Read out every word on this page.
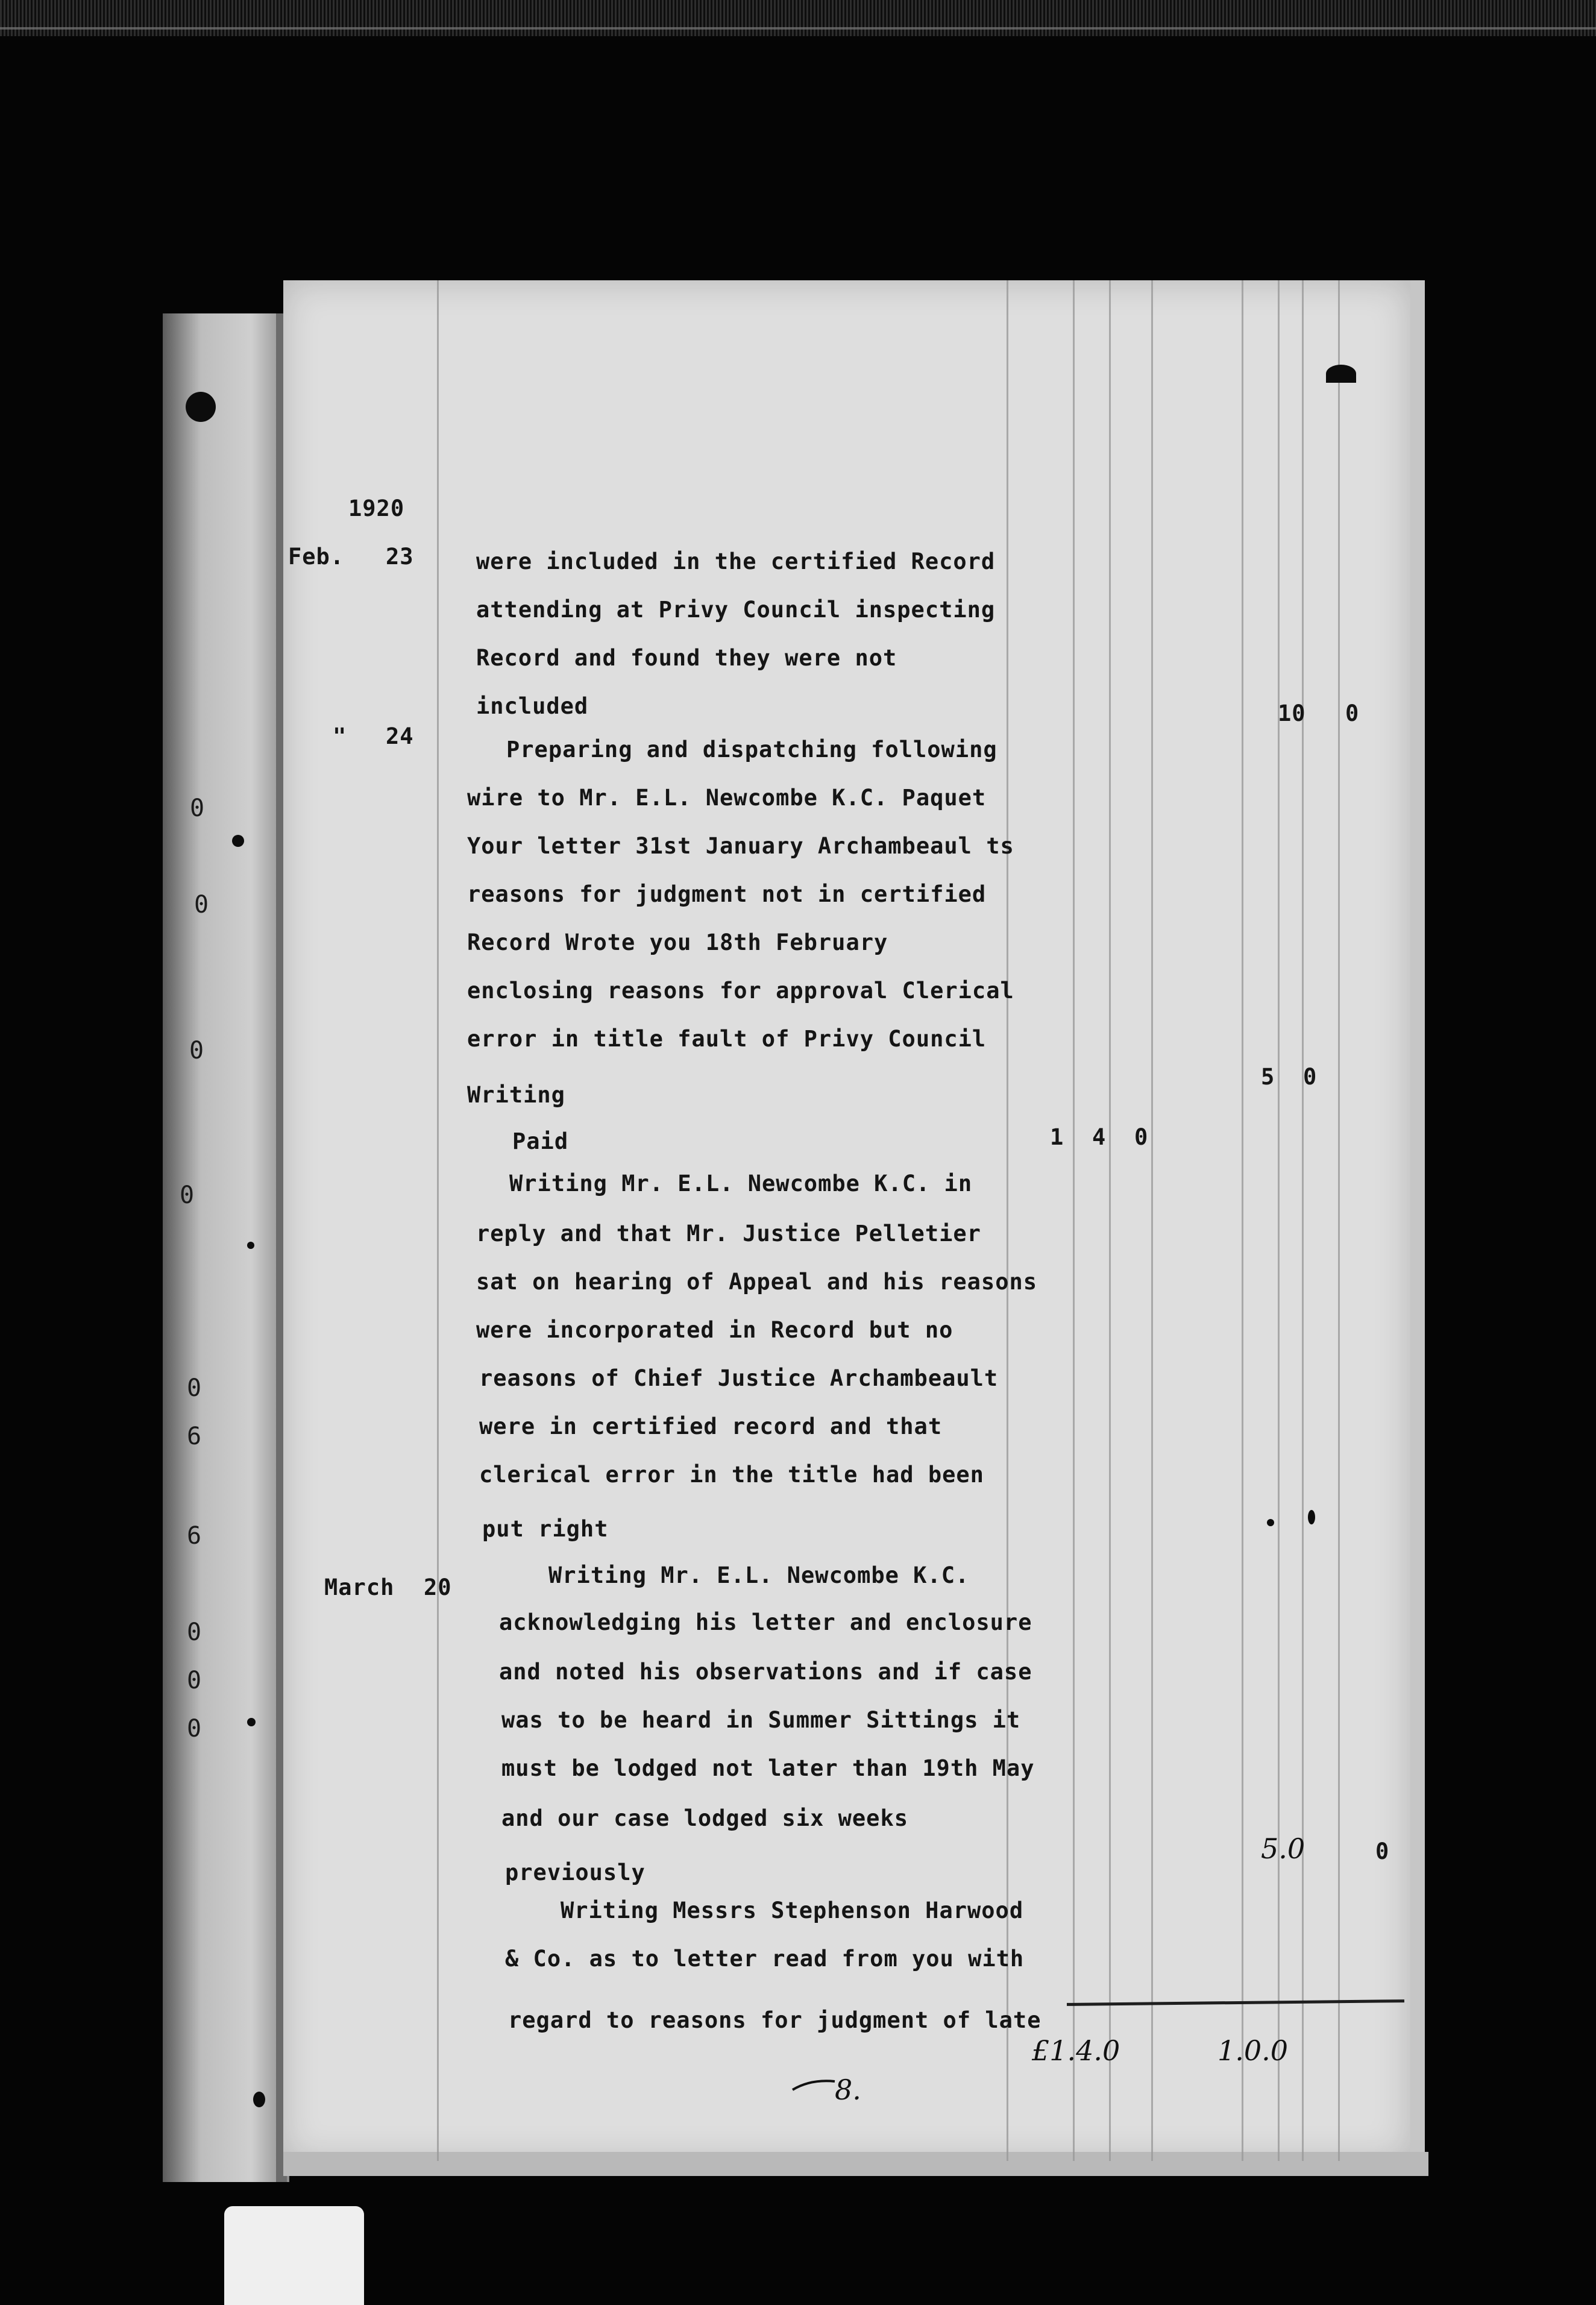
0
0
0
0
0
6
6
0
0
0
1920
Feb. 23
" 24
March 20
were included in the certified Record
attending at Privy Council inspecting
Record and found they were not
included
Preparing and dispatching following
wire to Mr. E.L. Newcombe K.C. Paquet
Your letter 31st January Archambeaul ts
reasons for judgment not in certified
Record Wrote you 18th February
enclosing reasons for approval Clerical
error in title fault of Privy Council
Writing
Paid
Writing Mr. E.L. Newcombe K.C. in
reply and that Mr. Justice Pelletier
sat on hearing of Appeal and his reasons
were incorporated in Record but no
reasons of Chief Justice Archambeault
were in certified record and that
clerical error in the title had been
put right
Writing Mr. E.L. Newcombe K.C.
acknowledging his letter and enclosure
and noted his observations and if case
was to be heard in Summer Sittings it
must be lodged not later than 19th May
and our case lodged six weeks
previously
Writing Messrs Stephenson Harwood
& Co. as to letter read from you with
regard to reasons for judgment of late
10 0
5 0
1 4 0
5.0	0
£1.4.0	1.0.0
8.
